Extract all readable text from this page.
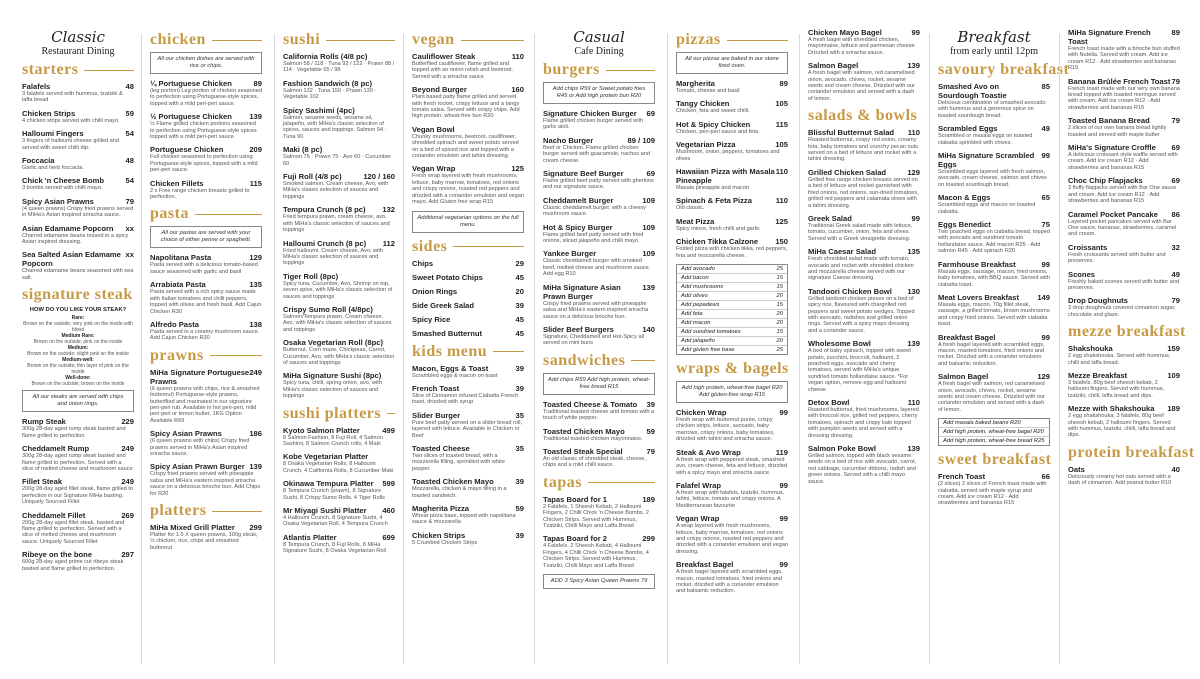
Classic
Restaurant Dining
starters
Falafels	48
3 falafels served with hummus, tzatziki & laffa bread
Chicken Strips	59
4 chicken strips served with chilli mayo.
Halloumi Fingers	54
3 fingers of halloumi cheese grilled and served with sweet chilli dip.
Foccacia	48
Garlic and herb foccacia.
Chick 'n Cheese Bomb	54
3 bombs served with chilli mayo.
Spicy Asian Prawns	79
(4 queen prawns) Crispy fried prawns served in MiHa's Asian inspired sriracha sauce.
Asian Edamame Popcorn xx
Charred edamame beans tossed in a spicy Asian inspired dressing.
Sea Salted Asian Edamame Popcorn
xx
Charred edamame beans seasoned with sea salt.
signature steak
HOW DO YOU LIKE YOUR STEAK?
Rare:
Brown on the outside; very pink on the inside with blood
Medium Rare:
Brown on the outside; pink on the inside
Medium:
Brown on the outside; slight pink on the inside
Medium-well:
Brown on the outside; thin layer of pink on the inside
Well-done:
Brown on the outside; brown on the inside
All our steaks are served with chips and onion rings.
Rump Steak	229
300g 28-day aged rump steak basted and flame grilled to perfection
Cheddamelt Rump	249
300g 28-day aged rump steak basted and flame grilled to perfection. Served with a slice of melted cheese and mushroom sauce
Fillet Steak	249
200g 28-day aged fillet steak, flame grilled to perfection in our Signature MiHa basting. Uniquely Sourced Fillet
Cheddamelt Fillet	269
200g 28-day aged fillet steak, basted and flame grilled to perfection. Served with a slice of melted cheese and mushroom sauce. Uniquely Sourced Fillet
Ribeye on the bone	297
600g 28-day aged prime cut ribeye steak basted and flame grilled to perfection.
chicken
All our chicken dishes are served with rice or chips.
¼ Portuguese Chicken	89
(leg portion) Leg portion of chicken seasoned to perfection using Portuguese-style spices, topped with a mild peri-peri sauce.
½ Portuguese Chicken 139
½ Flame grilled chicken portions seasoned to perfection using Portuguese-style spices topped with a mild peri-peri sauce.
Portuguese Chicken	209
Full chicken seasoned to perfection using Portuguese-style spices, topped with a mild peri-peri sauce.
Chicken Fillets	115
2 x Free range chicken breasts grilled to perfection.
pasta
All our pastas are served with your choice of either penne or spaghetti.
Napolitana Pasta	129
Pasta served with a delicious tomato-based sauce seasoned with garlic and basil
Arrabiata Pasta	135
Pasta served with a rich spicy sauce made with Italian tomatoes and chilli peppers, topped with olives and fresh basil. Add Cajun Chicken R30
Alfredo Pasta	138
Pasta served in a creamy mushroom sauce. Add Cajun Chicken R30
prawns
MiHa Signature Portuguese Prawns
249
(6 queen prawns with chips, rice & smashed butternut) Portuguese-style prawns, butterflied and marinated in our signature peri-peri rub. Available in hot peri-peri, mild peri-peri or lemon butter. 1KG Option Available R69
Spicy Asian Prawns	186
(6 queen prawns with chips) Crispy fried prawns served in MiHa's Asian inspired sriracha sauce.
Spicy Asian Prawn Burger 139
Crispy fried prawns served with pineapple salsa and MiHa's eastern inspired sriracha sauce on a delicious brioche bun. Add Chips for R20
platters
MiHa Mixed Grill Platter 299
Platter for 1 5 X queen prawns, 100g steak, ½ chicken, rice, chips and smashed butternut
sushi
California Rolls (4/8 pc)
Salmon 58 / 118 · Tuna 92 / 122 · Prawn 88 / 114 · Vegetable 65 / 98
Fashion Sandwich (8 pc)
Salmon 132 · Tuna 150 · Prawn 130 · Vegetable 102
Spicy Sashimi (4pc)
Salmon, sesame seeds, sesame oil, jalapeño, with MiHa's classic selection of spices, sauces and toppings. Salmon 94 · Tuna 90
Maki (8 pc)
Salmon 75 · Prawn 75 · Avo 60 · Cucumber 60
Fuji Roll (4/8 pc)	120 / 160
Smoked salmon, Cream cheese, Avo, with MiHa's classic selection of sauces and toppings
Tempura Crunch (8 pc) 132
Fried tempura prawn, cream cheese, avo, with MiHa's classic selection of sauces and toppings
Halloumi Crunch (8 pc) 112
Fried halloumi, Cream cheese, Avo, with MiHa's classic selection of sauces and toppings
Tiger Roll (8pc)
Spicy tuna, Cucumber, Avo, Shrimp on top, seven spice, with MiHa's classic selection of sauces and toppings
Crispy Sumo Roll (4/8pc)
Salmon/Tempura prawn, Cream cheese, Avo, with MiHa's classic selection of sauces and toppings
Osaka Vegetarian Roll (8pc)
Butternut, Corn maze, Chickpeas, Carrot, Cucumber, Avo, with MiHa's classic selection of sauces and toppings
MiHa Signature Sushi (8pc)
Spicy tuna, chilli, spring onion, avo, with MiHa's classic selection of sauces and toppings
sushi platters
Kyoto Salmon Platter	499
8 Salmon Fashion, 8 Fuji Roll, 4 Salmon Sashimi, 8 Salmon Crunch rolls, 4 Maki
Kobe Vegetarian Platter
8 Osaka Vegetarian Rolls, 8 Halloumi Crunch, 4 California Rolls, 8 Cucumber Maki
Okinawa Tempura Platter 599
8 Tempura Crunch (prawn), 8 Signature Sushi, 8 Crispy Sumo Rolls, 4 Tiger Rolls
Mr Miyagi Sushi Platter 460
4 Halloumi Crunch, 8 Signature Sushi, 4 Osaka Vegetarian Roll, 4 Tempura Crunch
Atlantis Platter	699
8 Tempura Crunch, 8 Fuji Rolls, 8 MiHa Signature Sushi, 8 Osaka Vegetarian Roll
vegan
Cauliflower Steak	110
Butterflied cauliflower, flame grilled and topped with an onion relish and beetroot. Served with a sriracha sauce
Beyond Burger	160
Plant based patty flame grilled and served with fresh rocket, crispy lettuce and a tangy tomato salsa. Served with crispy chips. Add high protein, wheat-free bun R20
Vegan Bowl
Chunky mushrooms, beetroot, cauliflower, shredded spinach and sweet potato served on a bed of spiced rice and topped with a coriander emulsion and tahini dressing.
Vegan Wrap	125
Fresh wrap layered with fresh mushrooms, lettuce, baby marrow, tomatoes, red onions and crispy onions, roasted red peppers and drizzled with a coriander emulsion and vegan mayo. Add Gluten free wrap R15
Additional vegetarian options on the full menu.
sides
Chips	29
Sweet Potato Chips	45
Onion Rings	20
Side Greek Salad	39
Spicy Rice	45
Smashed Butternut	45
kids menu
Macon, Eggs & Toast	39
Scrambled eggs & macon on toast
French Toast	39
Slice of Cinnamon infused Ciabatta French toast, drizzled with syrup
Slider Burger	35
Pure beef patty served on a slider bread roll, layered with lettuce. Available in Chicken or Beef
Toasted Cheese	35
Two slices of toasted bread, with a mozzarella filling, sprinkled with white pepper.
Toasted Chicken Mayo	39
Mozzarella, chicken & mayo filling in a toasted sandwich.
Magherita Pizza	59
Wheat pizza base, topped with napolitana sauce & mozzarella
Chicken Strips	39
5 Crumbed Chicken Strips
Casual
Cafe Dining
burgers
Add chips R59 or Sweet potato fries R45 or Add high protein bun R20
Signature Chicken Burger 69
Flame grilled chicken burger served with garlic aioli.
Nacho Burger	89 / 109
Beef or Chicken. Flame grilled chicken burger served with guacamole, nachos and cream cheese.
Signature Beef Burger	69
Flame grilled beef patty served with gherkins and our signature sauce.
Cheddamelt Burger	109
Classic cheddamelt burger, with a cheesy mushroom sauce.
Hot & Spicy Burger	109
Flame grilled beef patty served with fried onions, sliced jalapeño and chilli mayo.
Yankee Burger	109
Classic cheddamelt burger with smoked beef, melted cheese and mushroom sauce. Add egg R10
MiHa Signature Asian Prawn Burger
139
Crispy fried prawns served with pineapple salsa and MiHa's eastern inspired sriracha sauce on a delicious brioche bun.
Slider Beef Burgers	140
Signature, Cheddamelt and Hot-Spicy all served on mini buns
sandwiches
Add chips R59 Add high protein, wheat-free bread R15
Toasted Cheese & Tomato 39
Traditional toasted cheese and tomato with a touch of white pepper.
Toasted Chicken Mayo	59
Traditional toasted chicken mayonnaise.
Toasted Steak Special	79
An old classic of shredded steak, cheese, chips and a mild chilli sauce.
tapas
Tapas Board for 1	189
2 Falafels, 1 Sheesh Kebab, 2 Halloumi Fingers, 2 Chilli Chick 'n Cheese Bombs, 2 Chicken Strips. Served with Hummus, Tzatziki, Chilli Mayo and Laffa Bread
Tapas Board for 2	299
4 Falafels, 2 Sheesh Kebab, 4 Halloumi Fingers, 4 Chilli Chick 'n Cheese Bombs, 4 Chicken Strips. Served with Hummus, Tzatziki, Chilli Mayo and Laffa Bread
ADD 3 Spicy Asian Queen Prawns 79
pizzas
All our pizzas are baked in our stone fired oven.
Margherita	89
Tomato, cheese and basil
Tangy Chicken	105
Chicken, feta and sweet chilli.
Hot & Spicy Chicken	115
Chicken, peri-peri sauce and feta.
Vegetarian Pizza	105
Mushroom, onion, peppers, tomatoes and olives
Hawaiian Pizza with Masala Pineapple
110
Masala pineapple and macon
Spinach & Feta Pizza	110
Old classic.
Meat Pizza	125
Spicy mince, fresh chilli and garlic
Chicken Tikka Calzone 150
Folded pizza with chicken tikka, red peppers, feta and mozzarella cheese.
Add avocado	25
Add bacon	15
Add mushrooms	15
Add olives	20
Add pepadews	15
Add feta	20
Add macon	20
Add sundried tomatoes	15
Add jalapeño	20
Add gluten free base	25
wraps & bagels
Add high protein, wheat-free bagel R20 Add gluten-free wrap R15
Chicken Wrap	99
Fresh wrap with butternut purée, crispy chicken strips, lettuce, avocado, baby marrows, crispy onions, baby tomatoes, drizzled with tahini and sriracha sauce.
Steak & Avo Wrap	119
A fresh wrap with peppered steak, smashed avo, cream cheese, feta and lettuce, drizzled with a spicy mayo and sriracha sauce.
Falafel Wrap	99
A fresh wrap with falafels, tzatziki, hummus, tahini, lettuce, tomato and crispy onions. A Mediterranean favourite
Vegan Wrap	99
A wrap layered with fresh mushrooms, lettuce, baby marrow, tomatoes, red onions and crispy onions, roasted red peppers and drizzled with a coriander emulsion and vegan dressing.
Breakfast Bagel	99
A fresh bagel layered with scrambled eggs, macon, roasted tomatoes, fried onions and rocket, drizzled with a coriander emulsion and balsamic reduction.
Chicken Mayo Bagel	99
A fresh bagel with shredded chicken, mayonnaise, lettuce and parmesan cheese. Drizzled with a sriracha sauce.
Salmon Bagel	139
A fresh bagel with salmon, red caramelised onion, avocado, chives, rocket, sesame seeds and cream cheese. Drizzled with our coriander emulsion and served with a dash of lemon.
salads & bowls
Blissful Butternut Salad 110
Roasted butternut, crispy red onion, creamy feta, baby tomatoes and crunchy pecan nuts served on a bed of lettuce and rocket with a tahini dressing.
Grilled Chicken Salad	129
Grilled free range chicken breasts served on a bed of lettuce and rocket garnished with fried onions, red onions, sun-dried tomatoes, grilled red peppers and calamata olives with a tahini dressing.
Greek Salad	99
Traditional Greek salad made with lettuce, tomato, cucumber, onion, feta and olives. Served with a Greek vinaigrette dressing.
MiHa Caesar Salad	135
Fresh shredded salad made with tomato, avocado and rocket with shredded chicken and mozzarella cheese served with our signature Caesar dressing.
Tandoori Chicken Bowl 130
Grilled tandoori chicken pieces on a bed of spicy rice, flavoured with chargrilled red peppers and sweet potato wedges. Topped with avocado, radishes and grilled onion rings. Served with a spicy mayo dressing and a coriander sauce.
Wholesome Bowl	139
A bed of baby spinach, topped with sweet potato, zucchini, broccoli, halloumi, 2 poached eggs, avocado and cherry tomatoes, served with MiHa's unique sundried tomato hollandaise sauce. *For vegan option, remove egg and halloumi cheese
Detox Bowl	110
Roasted butternut, fried mushrooms, layered with broccoli rice, grilled red peppers, cherry tomatoes, spinach and crispy kale topped with pumpkin seeds and served with a dressing dressing.
Salmon Poke Bowl	139
Grilled salmon, topped with black sesame seeds on a bed of rice with avocado, carrot, red cabbage, cucumber ribbons, radish and green onions. Served with a chilli mayo sauce.
Breakfast
from early until 12pm
savoury breakfast
Smashed Avo on Sourdough Toastie
85
Delicious combination of smashed avocado with hummus and a generous spice on toasted sourdough bread.
Scrambled Eggs	49
Scrambled or masala eggs on toasted ciabatta sprinkled with chives.
MiHa Signature Scrambled Eggs
99
Scrambled eggs layered with fresh salmon, avocado, cream cheese, salmon and chives on toasted sourdough bread.
Macon & Eggs	65
Scrambled eggs and macon on toasted ciabatta.
Eggs Benedict	75
Two poached eggs on ciabatta bread, topped with avocado and sundried tomato hollandaise sauce. Add macon R25 · Add salmon R45 · Add spinach R20
Farmhouse Breakfast	99
Masala eggs, sausage, macon, fried onions, baby tomatoes, with BBQ sauce. Served with ciabatta toast.
Meat Lovers Breakfast 149
Masala eggs, macon, 70g fillet steak, sausage, a grilled tomato, brown mushrooms and crispy fried onions. Served with ciabatta toast.
Breakfast Bagel	99
A fresh bagel layered with scrambled eggs, macon, roasted tomatoes, fried onions and rocket. Drizzled with a coriander emulsion and balsamic reduction.
Salmon Bagel	129
A fresh bagel with salmon, red caramelised onion, avocado, chives, rocket, sesame seeds and cream cheese. Drizzled with our coriander emulsion and served with a dash of lemon.
Add masala baked beans R20
Add high protein, wheat-free bagel R20
Add high protein, wheat-free bread R25
sweet breakfast
French Toast	66
(2 slices) 2 slices of French toast made with ciabatta, served with maple syrup and cream. Add ice cream R12 · Add strawberries and bananas R15
MiHa Signature French Toast
89
French toast made with a brioche bun stuffed with Nutella. Served with cream. Add ice cream R12 · Add strawberries and bananas R15
Banana Brûlée French Toast 79
French toast made with our very own banana bread topped with toasted meringue served with cream. Add ice cream R12 · Add strawberries and bananas R15
Toasted Banana Bread	79
2 slices of our own banana bread lightly toasted and served with maple butter
MiHa's Signature Croffle 69
A delicious croissant style waffle served with cream. Add ice cream R12 · Add strawberries and bananas R15
Choc Chip Flapjacks	69
3 fluffy flapjacks served with Bar One sauce and cream. Add ice cream R12 · Add strawberries and bananas R15
Caramel Pocket Pancake 86
Layered pocket pancakes served with Bar One sauce, bananas, strawberries, caramel and cream.
Croissants	32
Fresh croissants served with butter and preserves.
Scones	49
Freshly baked scones served with butter and preserves.
Drop Doughnuts	79
3 drop doughnuts covered cinnamon sugar, chocolate and glaze.
mezze breakfast
Shakshouka	159
2 egg shakshouka. Served with hummus, chilli and laffa bread.
Mezze Breakfast	109
3 falafels, 80g beef sheesh kebab, 2 halloumi fingers. Served with hummus, tzatziki, chilli, laffa bread and dips.
Mezze with Shakshouka 189
2 egg shakshouka, 3 falafels, 80g beef sheesh kebab, 2 halloumi fingers. Served with hummus, tzatziki, chilli, laffa bread and dips.
protein breakfast
Oats	40
Deliciously creamy hot oats served with a dash of cinnamon. Add peanut butter R10
